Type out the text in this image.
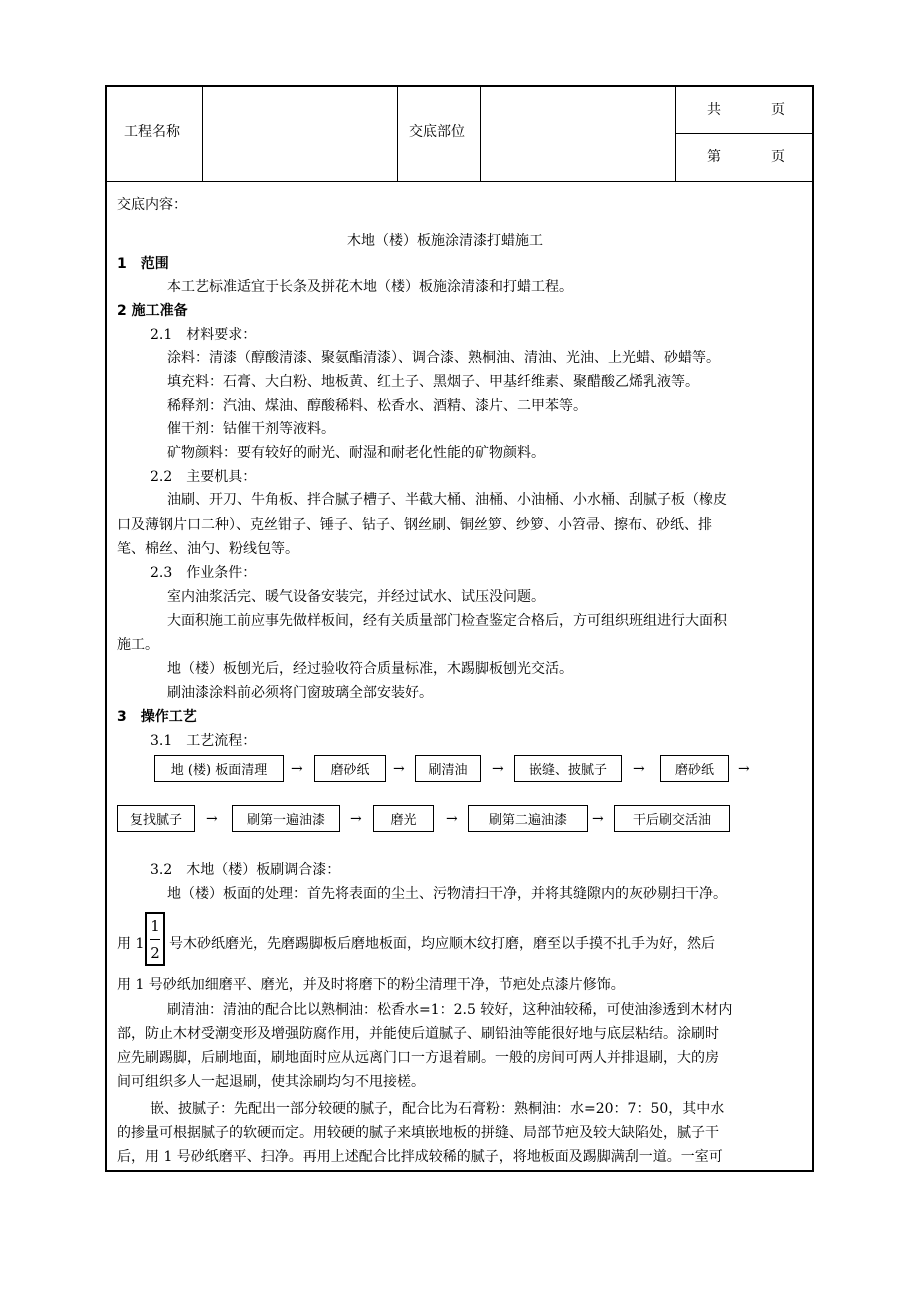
工程名称	交底部位
共	页
第	页
交底内容：
木地（楼）板施涂清漆打蜡施工
1　范围
本工艺标准适宜于长条及拼花木地（楼）板施涂清漆和打蜡工程。
2 施工准备
2.1　材料要求：
涂料：清漆（醇酸清漆、聚氨酯清漆）、调合漆、熟桐油、清油、光油、上光蜡、砂蜡等。
填充料：石膏、大白粉、地板黄、红土子、黑烟子、甲基纤维素、聚醋酸乙烯乳液等。
稀释剂：汽油、煤油、醇酸稀料、松香水、酒精、漆片、二甲苯等。
催干剂：钴催干剂等液料。
矿物颜料：要有较好的耐光、耐湿和耐老化性能的矿物颜料。
2.2　主要机具：
油刷、开刀、牛角板、拌合腻子槽子、半截大桶、油桶、小油桶、小水桶、刮腻子板（橡皮
口及薄钢片口二种）、克丝钳子、锤子、钻子、钢丝刷、铜丝箩、纱箩、小笤帚、擦布、砂纸、排
笔、棉丝、油勺、粉线包等。
2.3　作业条件：
室内油浆活完、暖气设备安装完，并经过试水、试压没问题。
大面积施工前应事先做样板间，经有关质量部门检查鉴定合格后，方可组织班组进行大面积
施工。
地（楼）板刨光后，经过验收符合质量标准，木踢脚板刨光交活。
刷油漆涂料前必须将门窗玻璃全部安装好。
3　操作工艺
3.1　工艺流程：
地 (楼) 板面清理	→	磨砂纸	→	刷清油	→	嵌缝、披腻子	→	磨砂纸	→
复找腻子	→	刷第一遍油漆	→	磨光	→	刷第二遍油漆	→	干后刷交活油
3.2　木地（楼）板刷调合漆：
地（楼）板面的处理：首先将表面的尘土、污物清扫干净，并将其缝隙内的灰砂剔扫干净。
用 1
1
2 号木砂纸磨光，先磨踢脚板后磨地板面，均应顺木纹打磨，磨至以手摸不扎手为好，然后
用 1 号砂纸加细磨平、磨光，并及时将磨下的粉尘清理干净，节疤处点漆片修饰。
刷清油：清油的配合比以熟桐油：松香水=1：2.5 较好，这种油较稀，可使油渗透到木材内
部，防止木材受潮变形及增强防腐作用，并能使后道腻子、刷铅油等能很好地与底层粘结。涂刷时
应先刷踢脚，后刷地面，刷地面时应从远离门口一方退着刷。一般的房间可两人并排退刷，大的房
间可组织多人一起退刷，使其涂刷均匀不甩接槎。
嵌、披腻子：先配出一部分较硬的腻子，配合比为石膏粉：熟桐油：水=20：7：50，其中水
的掺量可根据腻子的软硬而定。用较硬的腻子来填嵌地板的拼缝、局部节疤及较大缺陷处，腻子干
后，用 1 号砂纸磨平、扫净。再用上述配合比拌成较稀的腻子，将地板面及踢脚满刮一道。一室可
